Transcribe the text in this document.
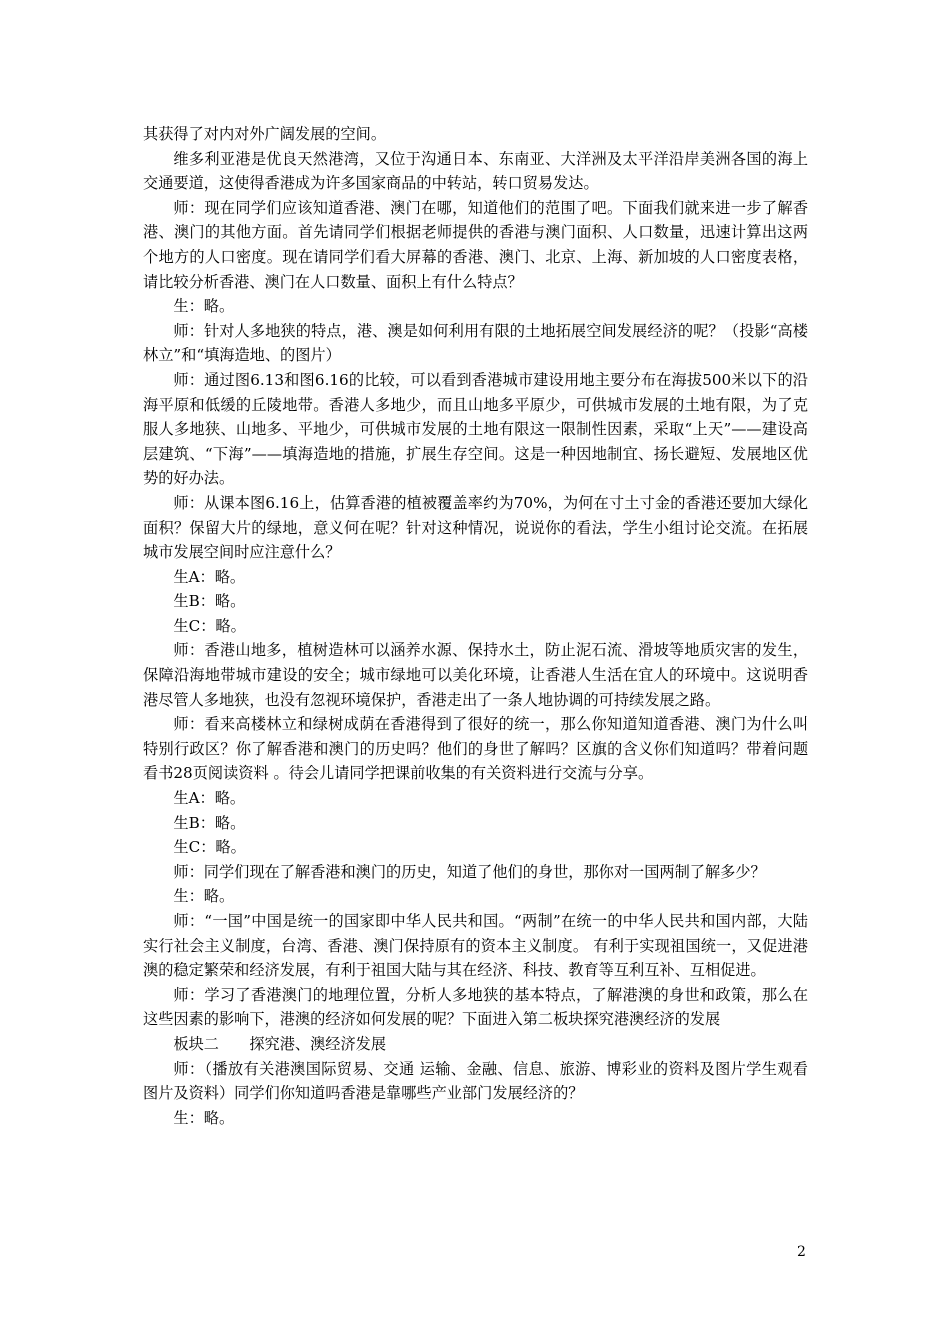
其获得了对内对外广阔发展的空间。

维多利亚港是优良天然港湾，又位于沟通日本、东南亚、大洋洲及太平洋沿岸美洲各国的海上交通要道，这使得香港成为许多国家商品的中转站，转口贸易发达。

师：现在同学们应该知道香港、澳门在哪，知道他们的范围了吧。下面我们就来进一步了解香港、澳门的其他方面。首先请同学们根据老师提供的香港与澳门面积、人口数量，迅速计算出这两个地方的人口密度。现在请同学们看大屏幕的香港、澳门、北京、上海、新加坡的人口密度表格，请比较分析香港、澳门在人口数量、面积上有什么特点？

生：略。

师：针对人多地狭的特点，港、澳是如何利用有限的土地拓展空间发展经济的呢？（投影“高楼林立”和“填海造地、的图片）

师：通过图6.13和图6.16的比较，可以看到香港城市建设用地主要分布在海拔500米以下的沿海平原和低缓的丘陵地带。香港人多地少，而且山地多平原少，可供城市发展的土地有限，为了克服人多地狭、山地多、平地少，可供城市发展的土地有限这一限制性因素，采取“上天”——建设高层建筑、“下海”——填海造地的措施，扩展生存空间。这是一种因地制宜、扬长避短、发展地区优势的好办法。

师：从课本图6.16上，估算香港的植被覆盖率约为70%，为何在寸土寸金的香港还要加大绿化面积？保留大片的绿地，意义何在呢？针对这种情况，说说你的看法，学生小组讨论交流。在拓展城市发展空间时应注意什么？

生A：略。

生B：略。

生C：略。

师：香港山地多，植树造林可以涵养水源、保持水土，防止泥石流、滑坡等地质灾害的发生，保障沿海地带城市建设的安全；城市绿地可以美化环境，让香港人生活在宜人的环境中。这说明香港尽管人多地狭，也没有忽视环境保护，香港走出了一条人地协调的可持续发展之路。

师：看来高楼林立和绿树成荫在香港得到了很好的统一，那么你知道知道香港、澳门为什么叫特别行政区？你了解香港和澳门的历史吗？他们的身世了解吗？区旗的含义你们知道吗？带着问题看书28页阅读资料 。待会儿请同学把课前收集的有关资料进行交流与分享。

生A：略。

生B：略。

生C：略。

师：同学们现在了解香港和澳门的历史，知道了他们的身世，那你对一国两制了解多少？

生：略。

师：“一国”中国是统一的国家即中华人民共和国。“两制”在统一的中华人民共和国内部，大陆实行社会主义制度，台湾、香港、澳门保持原有的资本主义制度。 有利于实现祖国统一，又促进港澳的稳定繁荣和经济发展，有利于祖国大陆与其在经济、科技、教育等互利互补、互相促进。

师：学习了香港澳门的地理位置，分析人多地狭的基本特点，了解港澳的身世和政策，那么在这些因素的影响下，港澳的经济如何发展的呢？下面进入第二板块探究港澳经济的发展

板块二　　探究港、澳经济发展

师：（播放有关港澳国际贸易、交通 运输、金融、信息、旅游、博彩业的资料及图片学生观看图片及资料）同学们你知道吗香港是靠哪些产业部门发展经济的？

生：略。

2
